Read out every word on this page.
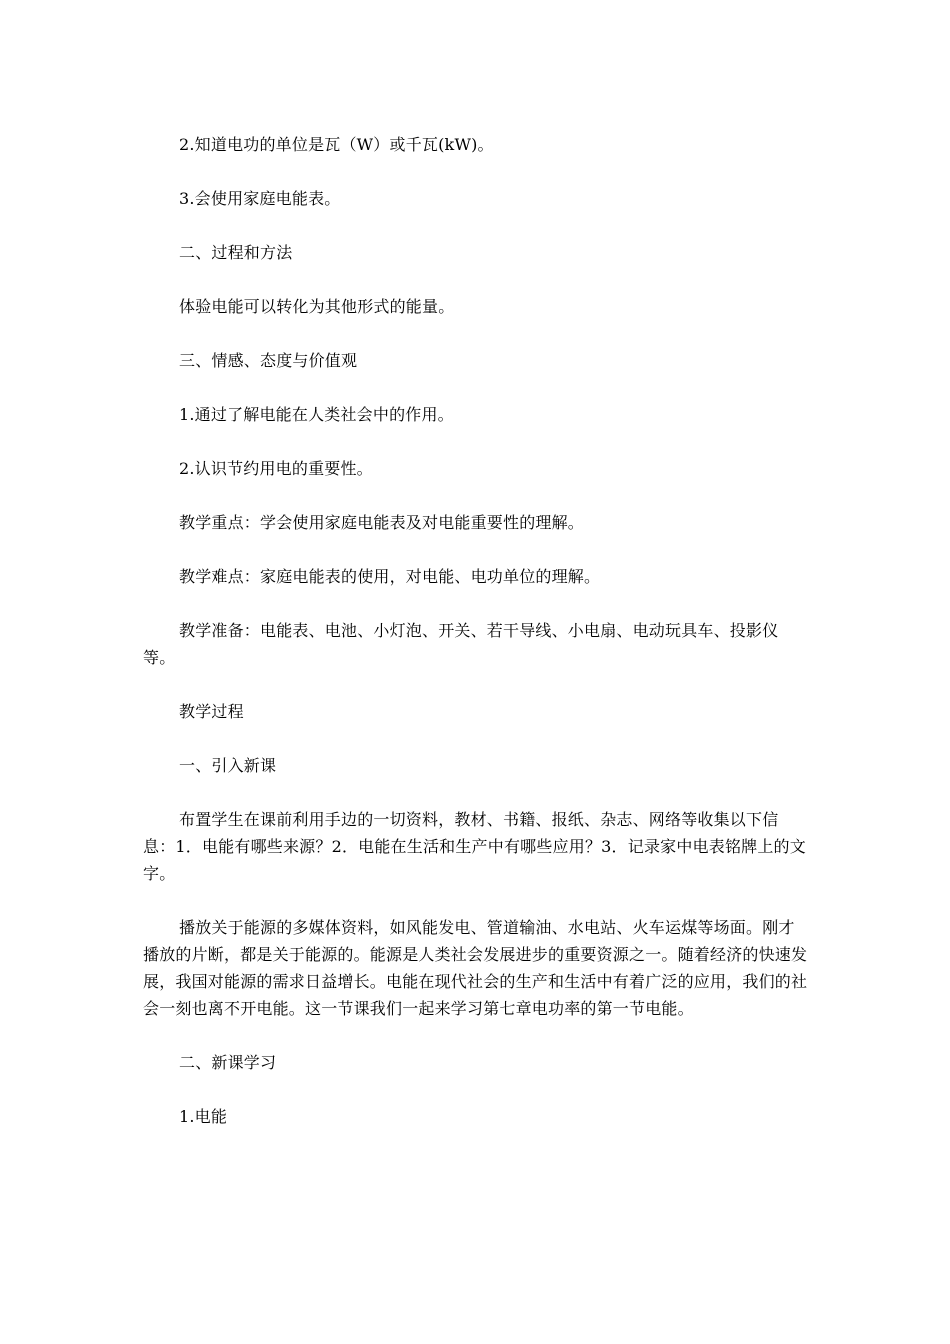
2.知道电功的单位是瓦（W）或千瓦(kW)。

3.会使用家庭电能表。

二、过程和方法

体验电能可以转化为其他形式的能量。

三、情感、态度与价值观

1.通过了解电能在人类社会中的作用。

2.认识节约用电的重要性。

教学重点：学会使用家庭电能表及对电能重要性的理解。

教学难点：家庭电能表的使用，对电能、电功单位的理解。

教学准备：电能表、电池、小灯泡、开关、若干导线、小电扇、电动玩具车、投影仪等。

教学过程

一、引入新课

布置学生在课前利用手边的一切资料，教材、书籍、报纸、杂志、网络等收集以下信息：1．电能有哪些来源？2．电能在生活和生产中有哪些应用？3．记录家中电表铭牌上的文字。

播放关于能源的多媒体资料，如风能发电、管道输油、水电站、火车运煤等场面。刚才播放的片断，都是关于能源的。能源是人类社会发展进步的重要资源之一。随着经济的快速发展，我国对能源的需求日益增长。电能在现代社会的生产和生活中有着广泛的应用，我们的社会一刻也离不开电能。这一节课我们一起来学习第七章电功率的第一节电能。

二、新课学习

1.电能
